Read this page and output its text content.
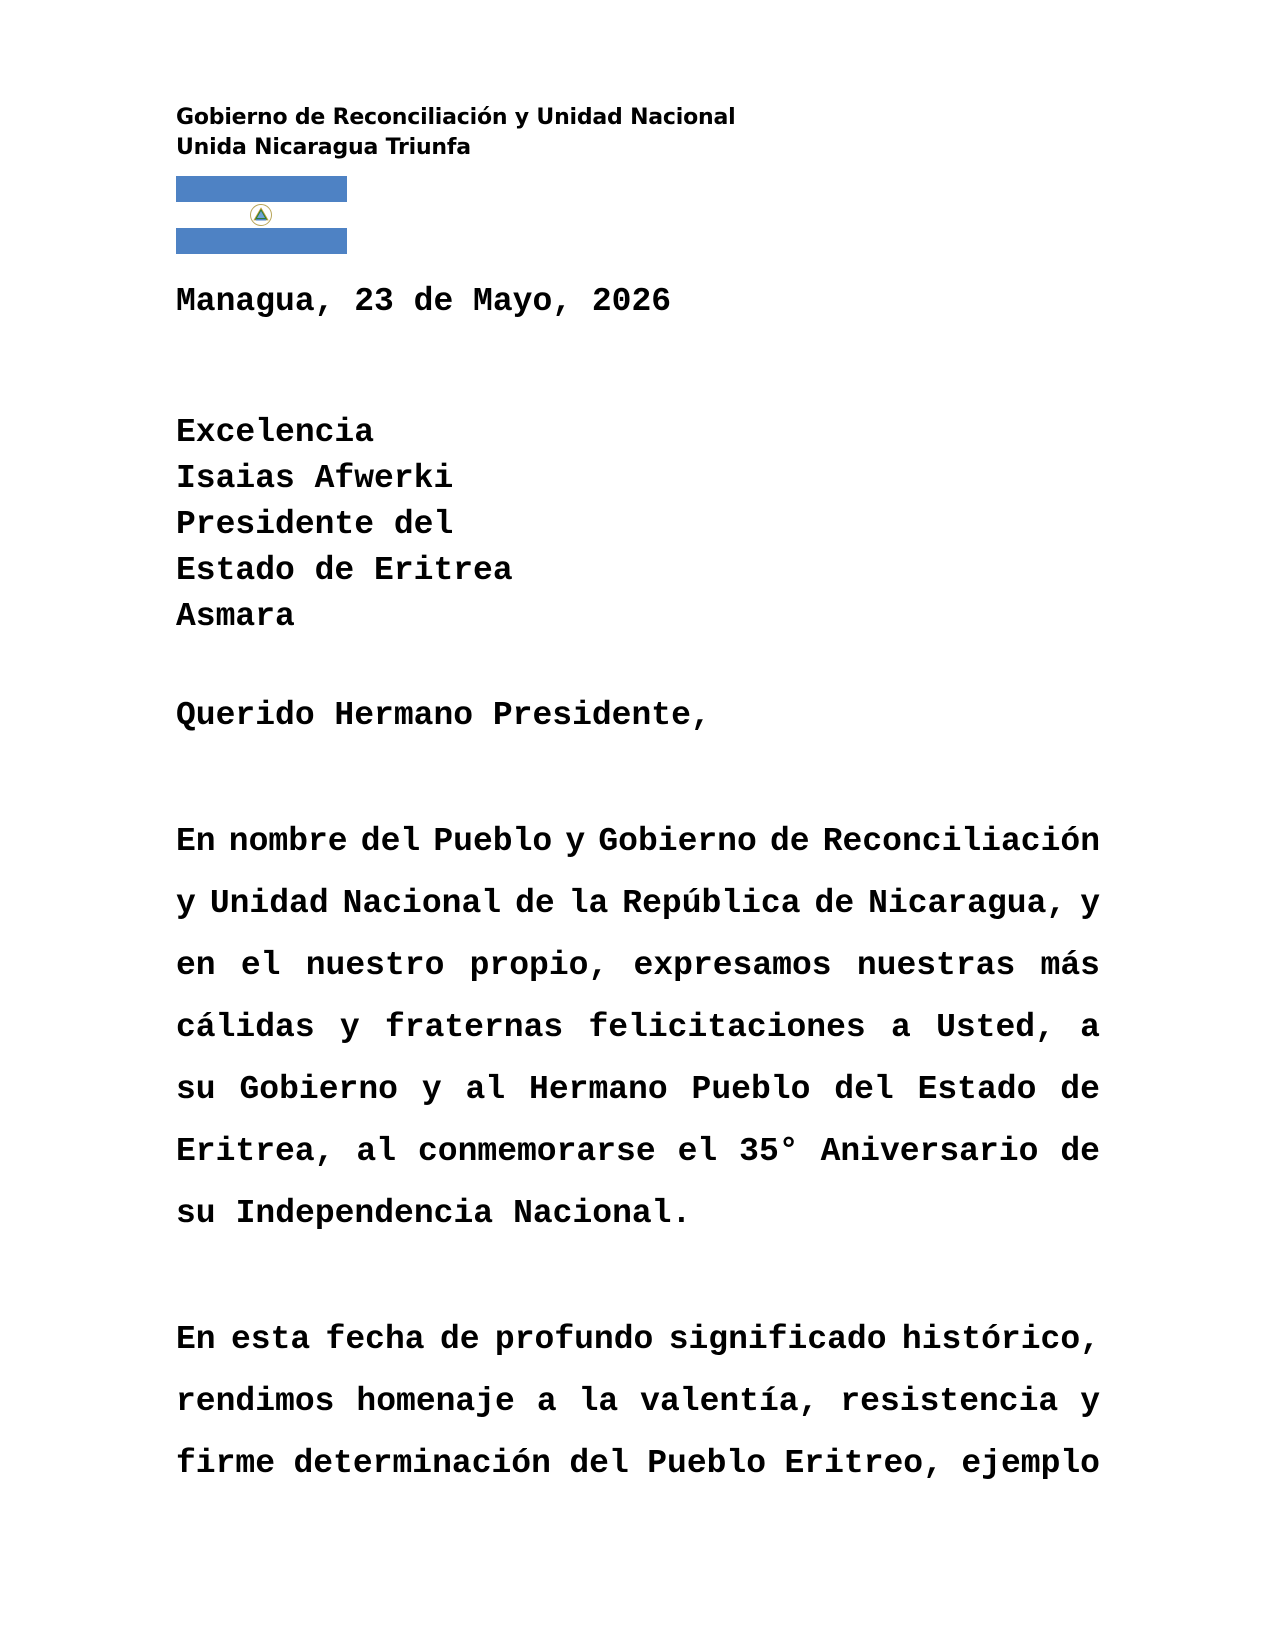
Gobierno de Reconciliación y Unidad Nacional
Unida Nicaragua Triunfa
Managua, 23 de Mayo, 2026
Excelencia
Isaias Afwerki
Presidente del
Estado de Eritrea
Asmara
Querido Hermano Presidente,
En nombre del Pueblo y Gobierno de Reconciliación
y Unidad Nacional de la República de Nicaragua, y
en el nuestro propio, expresamos nuestras más
cálidas y fraternas felicitaciones a Usted, a
su Gobierno y al Hermano Pueblo del Estado de
Eritrea, al conmemorarse el 35° Aniversario de
su Independencia Nacional.
En esta fecha de profundo significado histórico,
rendimos homenaje a la valentía, resistencia y
firme determinación del Pueblo Eritreo, ejemplo
